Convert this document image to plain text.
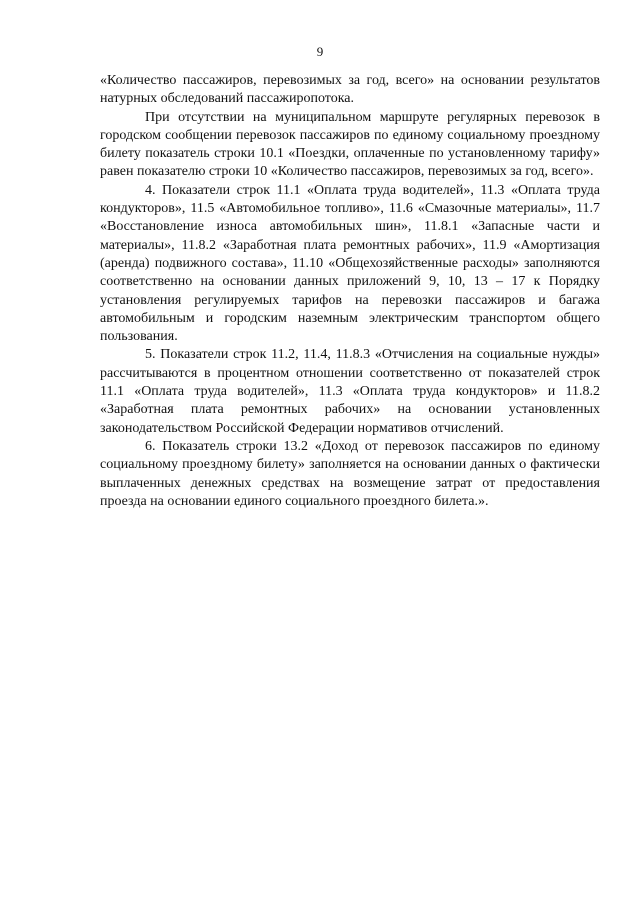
9

«Количество пассажиров, перевозимых за год, всего» на основании результатов натурных обследований пассажиропотока.

При отсутствии на муниципальном маршруте регулярных перевозок в городском сообщении перевозок пассажиров по единому социальному проездному билету показатель строки 10.1 «Поездки, оплаченные по установленному тарифу» равен показателю строки 10 «Количество пассажиров, перевозимых за год, всего».

4. Показатели строк 11.1 «Оплата труда водителей», 11.3 «Оплата труда кондукторов», 11.5 «Автомобильное топливо», 11.6 «Смазочные материалы», 11.7 «Восстановление износа автомобильных шин», 11.8.1 «Запасные части и материалы», 11.8.2 «Заработная плата ремонтных рабочих», 11.9 «Амортизация (аренда) подвижного состава», 11.10 «Общехозяйственные расходы» заполняются соответственно на основании данных приложений 9, 10, 13 – 17 к Порядку установления регулируемых тарифов на перевозки пассажиров и багажа автомобильным и городским наземным электрическим транспортом общего пользования.

5. Показатели строк 11.2, 11.4, 11.8.3 «Отчисления на социальные нужды» рассчитываются в процентном отношении соответственно от показателей строк 11.1 «Оплата труда водителей», 11.3 «Оплата труда кондукторов» и 11.8.2 «Заработная плата ремонтных рабочих» на основании установленных законодательством Российской Федерации нормативов отчислений.

6. Показатель строки 13.2 «Доход от перевозок пассажиров по единому социальному проездному билету» заполняется на основании данных о фактически выплаченных денежных средствах на возмещение затрат от предоставления проезда на основании единого социального проездного билета.».
